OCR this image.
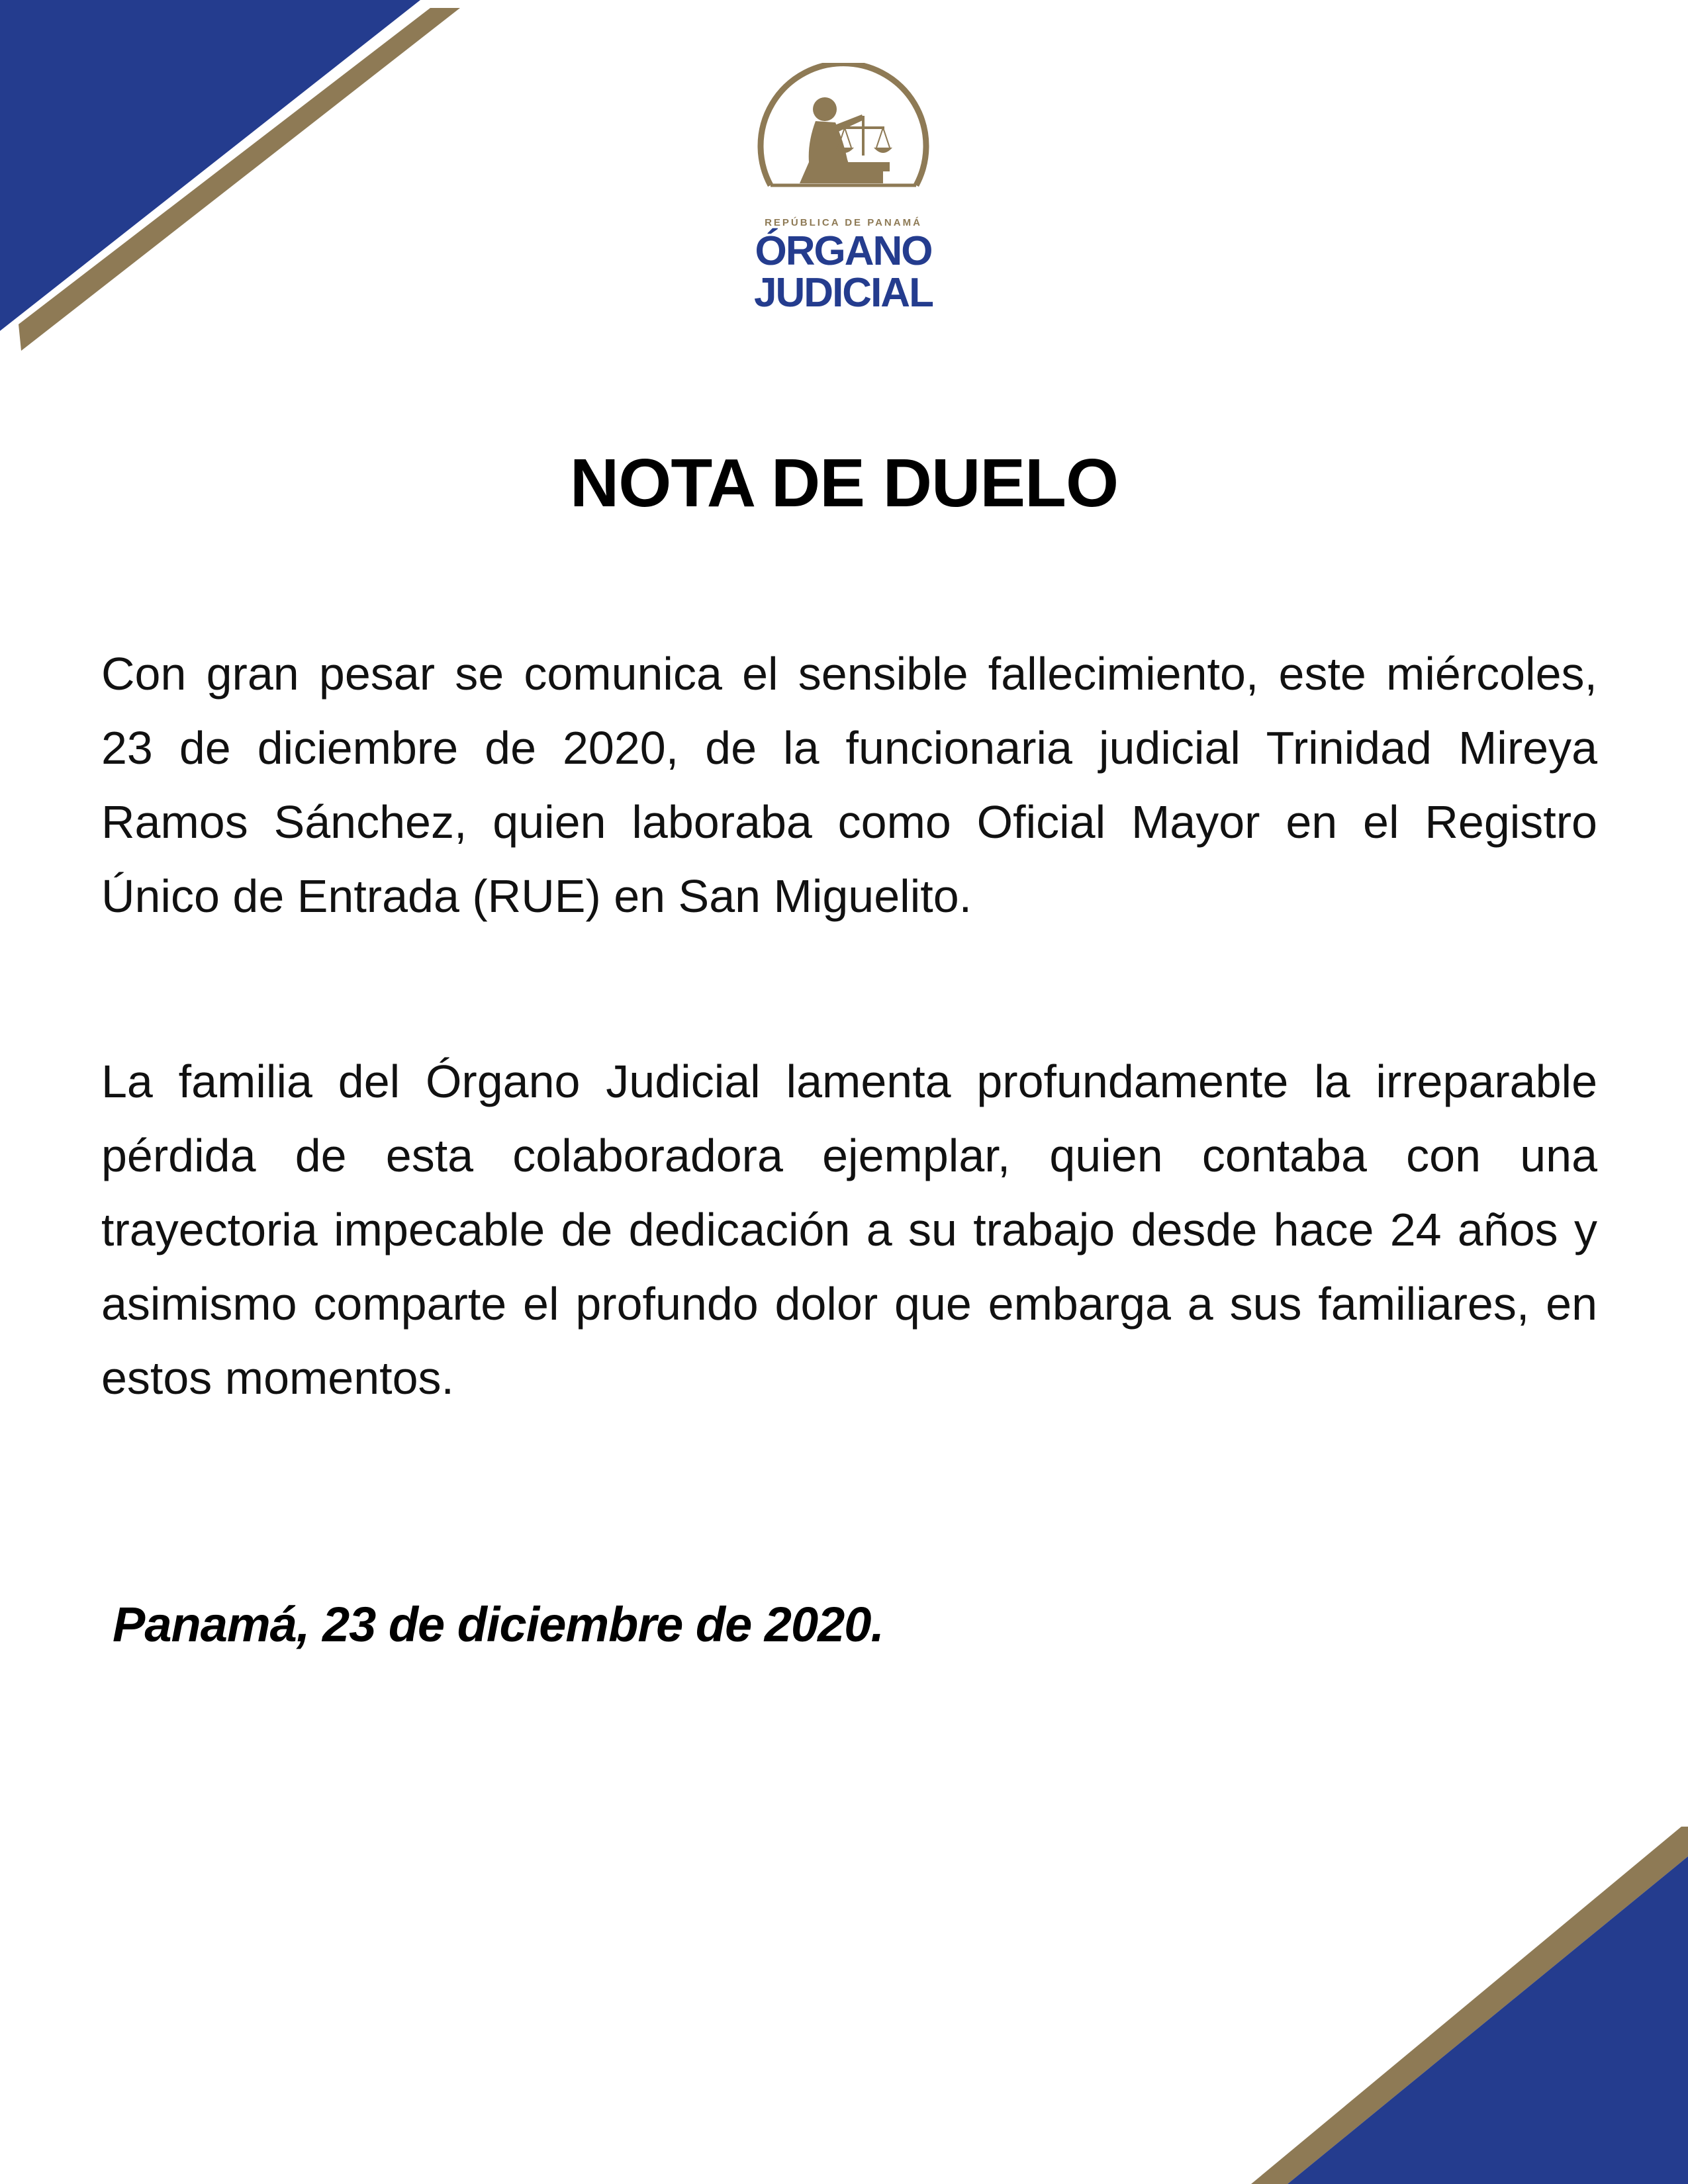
REPÚBLICA DE PANAMÁ
ÓRGANO
JUDICIAL
NOTA DE DUELO

Con gran pesar se comunica el sensible fallecimiento, este miércoles, 23 de diciembre de 2020, de la funcionaria judicial Trinidad Mireya Ramos Sánchez, quien laboraba como Oficial Mayor en el Registro Único de Entrada (RUE) en San Miguelito.

La familia del Órgano Judicial lamenta profundamente la irreparable pérdida de esta colaboradora ejemplar, quien contaba con una trayectoria impecable de dedicación a su trabajo desde hace 24 años y asimismo comparte el profundo dolor que embarga a sus familiares, en estos momentos.

Panamá, 23 de diciembre de 2020.
